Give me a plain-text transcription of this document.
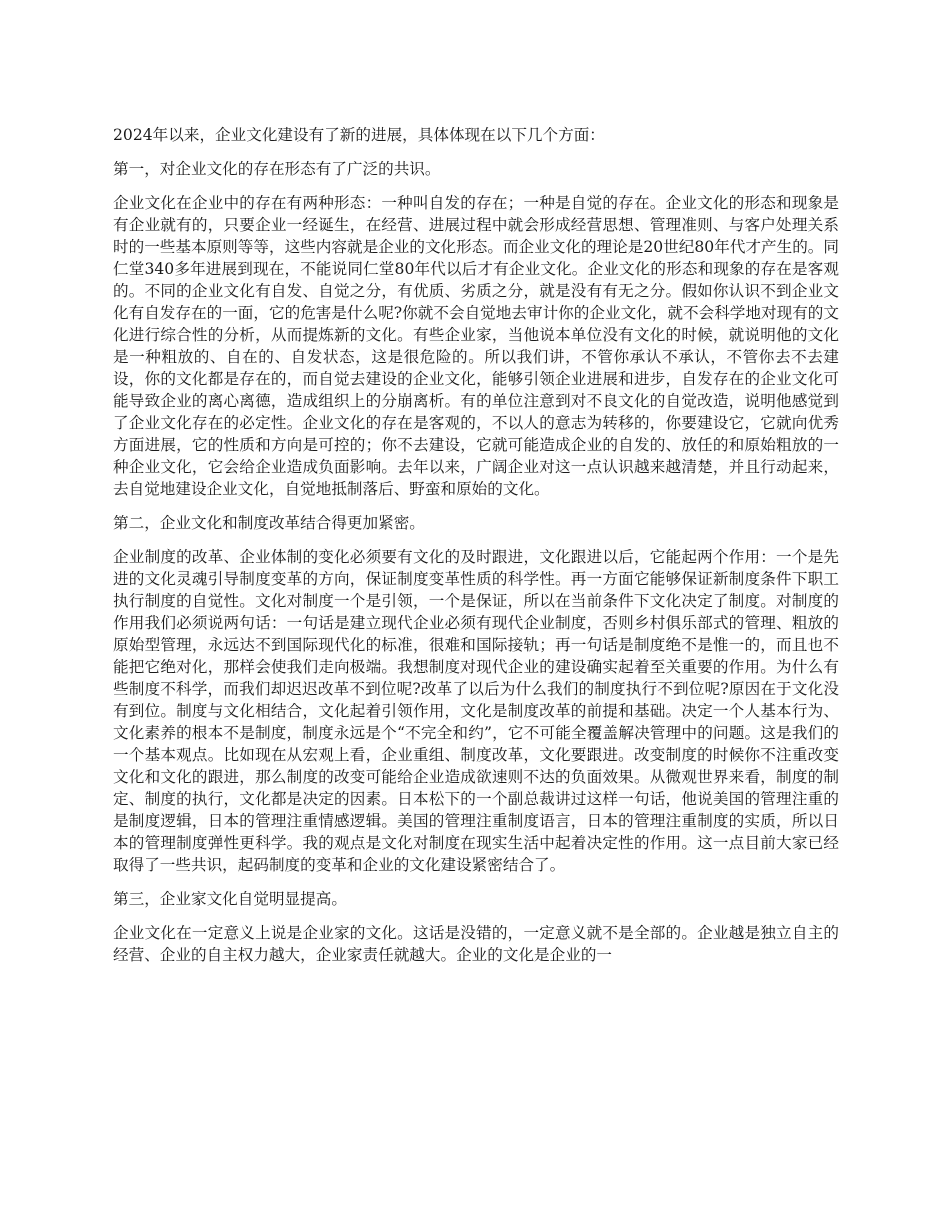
2024年以来，企业文化建设有了新的进展，具体体现在以下几个方面：

第一，对企业文化的存在形态有了广泛的共识。

企业文化在企业中的存在有两种形态：一种叫自发的存在；一种是自觉的存在。企业文化的形态和现象是有企业就有的，只要企业一经诞生，在经营、进展过程中就会形成经营思想、管理准则、与客户处理关系时的一些基本原则等等，这些内容就是企业的文化形态。而企业文化的理论是20世纪80年代才产生的。同仁堂340多年进展到现在，不能说同仁堂80年代以后才有企业文化。企业文化的形态和现象的存在是客观的。不同的企业文化有自发、自觉之分，有优质、劣质之分，就是没有有无之分。假如你认识不到企业文化有自发存在的一面，它的危害是什么呢?你就不会自觉地去审计你的企业文化，就不会科学地对现有的文化进行综合性的分析，从而提炼新的文化。有些企业家，当他说本单位没有文化的时候，就说明他的文化是一种粗放的、自在的、自发状态，这是很危险的。所以我们讲，不管你承认不承认，不管你去不去建设，你的文化都是存在的，而自觉去建设的企业文化，能够引领企业进展和进步，自发存在的企业文化可能导致企业的离心离德，造成组织上的分崩离析。有的单位注意到对不良文化的自觉改造，说明他感觉到了企业文化存在的必定性。企业文化的存在是客观的，不以人的意志为转移的，你要建设它，它就向优秀方面进展，它的性质和方向是可控的；你不去建设，它就可能造成企业的自发的、放任的和原始粗放的一种企业文化，它会给企业造成负面影响。去年以来，广阔企业对这一点认识越来越清楚，并且行动起来，去自觉地建设企业文化，自觉地抵制落后、野蛮和原始的文化。

第二，企业文化和制度改革结合得更加紧密。

企业制度的改革、企业体制的变化必须要有文化的及时跟进，文化跟进以后，它能起两个作用：一个是先进的文化灵魂引导制度变革的方向，保证制度变革性质的科学性。再一方面它能够保证新制度条件下职工执行制度的自觉性。文化对制度一个是引领，一个是保证，所以在当前条件下文化决定了制度。对制度的作用我们必须说两句话：一句话是建立现代企业必须有现代企业制度，否则乡村俱乐部式的管理、粗放的原始型管理，永远达不到国际现代化的标准，很难和国际接轨；再一句话是制度绝不是惟一的，而且也不能把它绝对化，那样会使我们走向极端。我想制度对现代企业的建设确实起着至关重要的作用。为什么有些制度不科学，而我们却迟迟改革不到位呢?改革了以后为什么我们的制度执行不到位呢?原因在于文化没有到位。制度与文化相结合，文化起着引领作用，文化是制度改革的前提和基础。决定一个人基本行为、文化素养的根本不是制度，制度永远是个“不完全和约”，它不可能全覆盖解决管理中的问题。这是我们的一个基本观点。比如现在从宏观上看，企业重组、制度改革，文化要跟进。改变制度的时候你不注重改变文化和文化的跟进，那么制度的改变可能给企业造成欲速则不达的负面效果。从微观世界来看，制度的制定、制度的执行，文化都是决定的因素。日本松下的一个副总裁讲过这样一句话，他说美国的管理注重的是制度逻辑，日本的管理注重情感逻辑。美国的管理注重制度语言，日本的管理注重制度的实质，所以日本的管理制度弹性更科学。我的观点是文化对制度在现实生活中起着决定性的作用。这一点目前大家已经取得了一些共识，起码制度的变革和企业的文化建设紧密结合了。

第三，企业家文化自觉明显提高。

企业文化在一定意义上说是企业家的文化。这话是没错的，一定意义就不是全部的。企业越是独立自主的经营、企业的自主权力越大，企业家责任就越大。企业的文化是企业的一
